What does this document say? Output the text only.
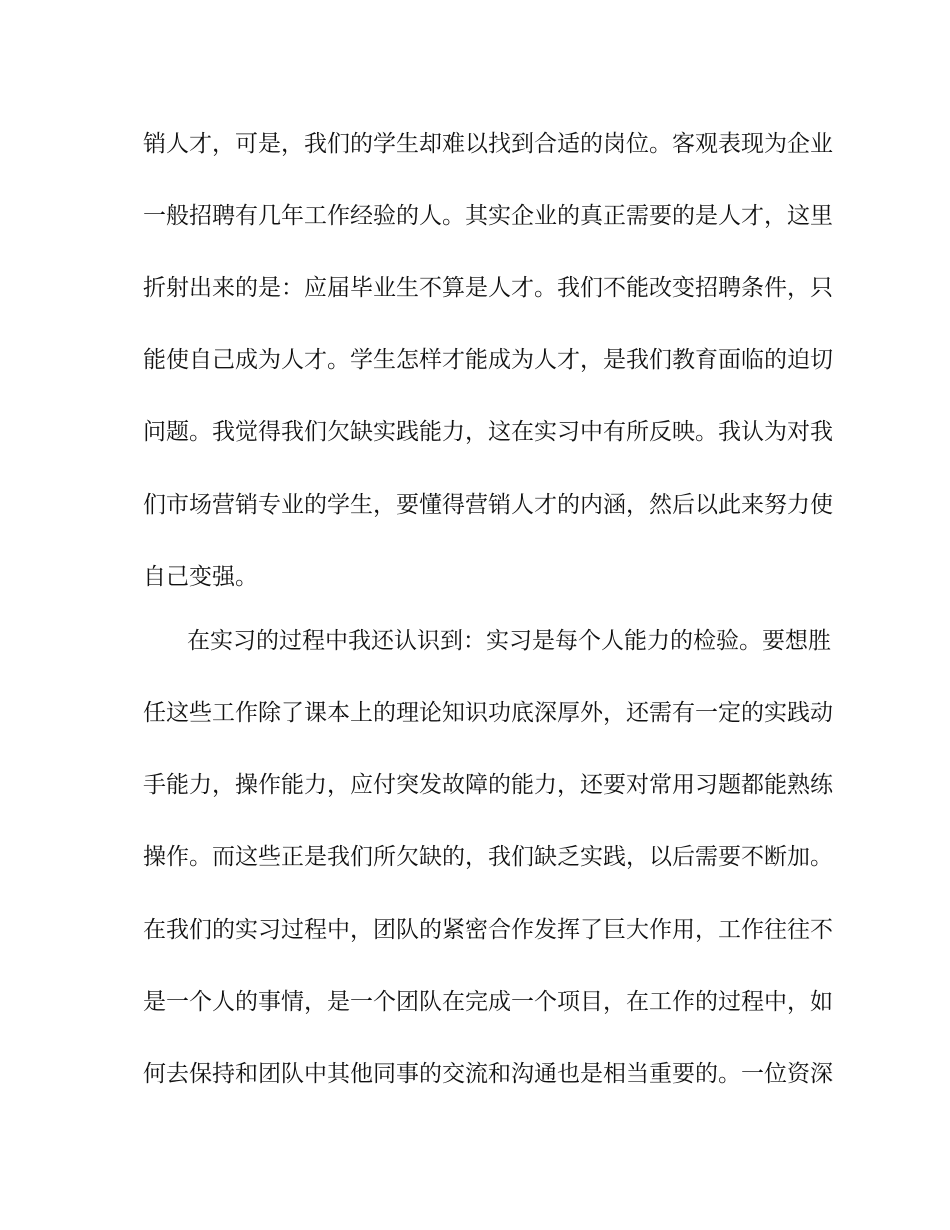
销人才，可是，我们的学生却难以找到合适的岗位。客观表现为企业
一般招聘有几年工作经验的人。其实企业的真正需要的是人才，这里
折射出来的是：应届毕业生不算是人才。我们不能改变招聘条件，只
能使自己成为人才。学生怎样才能成为人才，是我们教育面临的迫切
问题。我觉得我们欠缺实践能力，这在实习中有所反映。我认为对我
们市场营销专业的学生，要懂得营销人才的内涵，然后以此来努力使
自己变强。
在实习的过程中我还认识到：实习是每个人能力的检验。要想胜
任这些工作除了课本上的理论知识功底深厚外，还需有一定的实践动
手能力，操作能力，应付突发故障的能力，还要对常用习题都能熟练
操作。而这些正是我们所欠缺的，我们缺乏实践，以后需要不断加。
在我们的实习过程中，团队的紧密合作发挥了巨大作用，工作往往不
是一个人的事情，是一个团队在完成一个项目，在工作的过程中，如
何去保持和团队中其他同事的交流和沟通也是相当重要的。一位资深
